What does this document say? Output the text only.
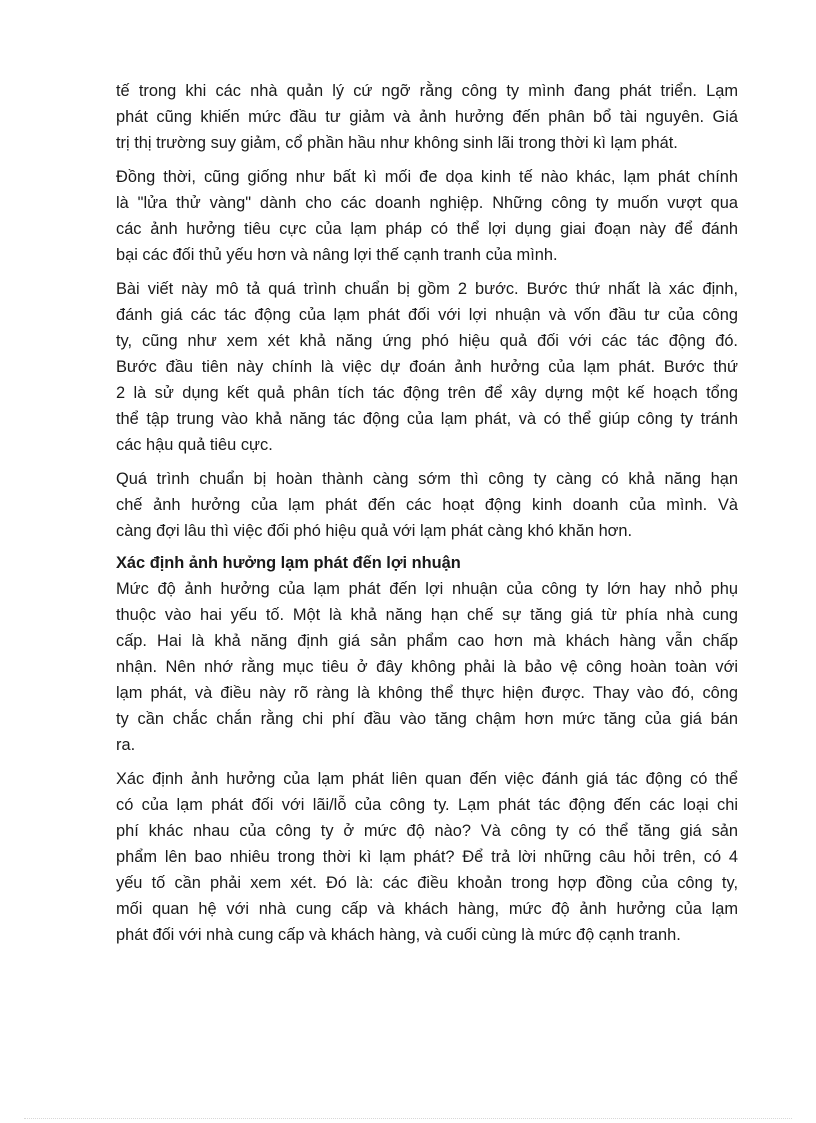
tế trong khi các nhà quản lý cứ ngỡ rằng công ty mình đang phát triển. Lạm
phát cũng khiến mức đầu tư giảm và ảnh hưởng đến phân bổ tài nguyên. Giá
trị thị trường suy giảm, cổ phần hầu như không sinh lãi trong thời kì lạm phát.

Đồng thời, cũng giống như bất kì mối đe dọa kinh tế nào khác, lạm phát chính
là "lửa thử vàng" dành cho các doanh nghiệp. Những công ty muốn vượt qua
các ảnh hưởng tiêu cực của lạm pháp có thể lợi dụng giai đoạn này để đánh
bại các đối thủ yếu hơn và nâng lợi thế cạnh tranh của mình.

Bài viết này mô tả quá trình chuẩn bị gồm 2 bước. Bước thứ nhất là xác định,
đánh giá các tác động của lạm phát đối với lợi nhuận và vốn đầu tư của công
ty, cũng như xem xét khả năng ứng phó hiệu quả đối với các tác động đó.
Bước đầu tiên này chính là việc dự đoán ảnh hưởng của lạm phát. Bước thứ
2 là sử dụng kết quả phân tích tác động trên để xây dựng một kế hoạch tổng
thể tập trung vào khả năng tác động của lạm phát, và có thể giúp công ty tránh
các hậu quả tiêu cực.

Quá trình chuẩn bị hoàn thành càng sớm thì công ty càng có khả năng hạn
chế ảnh hưởng của lạm phát đến các hoạt động kinh doanh của mình. Và
càng đợi lâu thì việc đối phó hiệu quả với lạm phát càng khó khăn hơn.

Xác định ảnh hưởng lạm phát đến lợi nhuận

Mức độ ảnh hưởng của lạm phát đến lợi nhuận của công ty lớn hay nhỏ phụ
thuộc vào hai yếu tố. Một là khả năng hạn chế sự tăng giá từ phía nhà cung
cấp. Hai là khả năng định giá sản phẩm cao hơn mà khách hàng vẫn chấp
nhận. Nên nhớ rằng mục tiêu ở đây không phải là bảo vệ công hoàn toàn với
lạm phát, và điều này rõ ràng là không thể thực hiện được. Thay vào đó, công
ty cần chắc chắn rằng chi phí đầu vào tăng chậm hơn mức tăng của giá bán
ra.

Xác định ảnh hưởng của lạm phát liên quan đến việc đánh giá tác động có thể
có của lạm phát đối với lãi/lỗ của công ty. Lạm phát tác động đến các loại chi
phí khác nhau của công ty ở mức độ nào? Và công ty có thể tăng giá sản
phẩm lên bao nhiêu trong thời kì lạm phát? Để trả lời những câu hỏi trên, có 4
yếu tố cần phải xem xét. Đó là: các điều khoản trong hợp đồng của công ty,
mối quan hệ với nhà cung cấp và khách hàng, mức độ ảnh hưởng của lạm
phát đối với nhà cung cấp và khách hàng, và cuối cùng là mức độ cạnh tranh.
